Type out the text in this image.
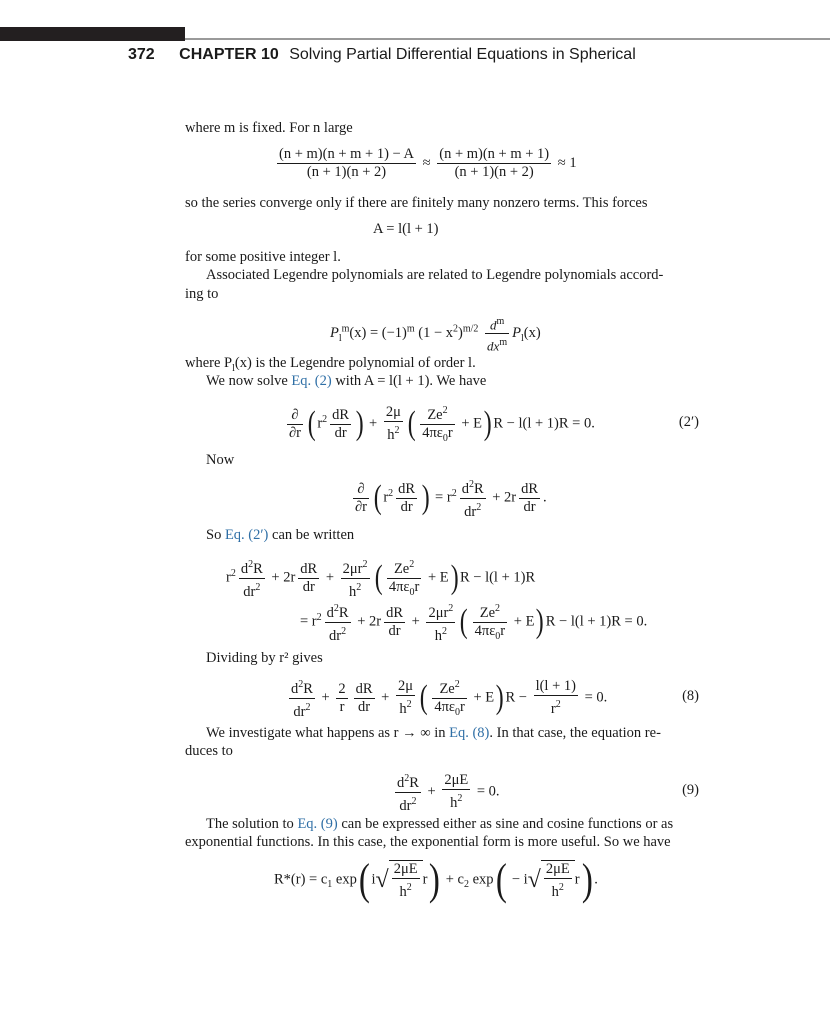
372 CHAPTER 10 Solving Partial Differential Equations in Spherical
where m is fixed. For n large
$\frac{(n + m)(n + m + 1) - A}{(n + 1)(n + 2)} \approx \frac{(n + m)(n + m + 1)}{(n + 1)(n + 2)} \approx 1$
so the series converge only if there are finitely many nonzero terms. This forces
A = l(l + 1)
for some positive integer l.
Associated Legendre polynomials are related to Legendre polynomials accord-
ing to
$P_l^m(x) = (-1)^m$ $(1 - x^2)^{m/2} \frac{d^m}{dx^m} P_l(x)$
where $P_l(x)$ is the Legendre polynomial of order l.
We now solve Eq. (2) with A = l(l + 1). We have
$\frac{\partial}{\partial r}$ ( $r^2 \frac{dR}{dr}$ ) + $\frac{2\mu}{h^2}$ ( $\frac{Ze^2}{4\pi\varepsilon_0r} + E$) R − l(l + 1)R = 0.	(2′)
Now
$\frac{\partial}{\partial r}$ ( $r^2 \frac{dR}{dr}$ ) = $r^2 \frac{d^2R}{dr^2} + 2r \frac{dR}{dr}$ .
So Eq. (2′) can be written
$r^2 \frac{d^2R}{dr^2} + 2r \frac{dR}{dr} + \frac{2\mu r^2}{h^2}$ ( $\frac{Ze^2}{4\pi\varepsilon_0r} + E$) R − l(l + 1)R
= $r^2 \frac{d^2R}{dr^2} + 2r \frac{dR}{dr} + \frac{2\mu r^2}{h^2}$ ( $\frac{Ze^2}{4\pi\varepsilon_0r} + E$) R − l(l + 1)R = 0.
Dividing by r² gives
$\frac{d^2R}{dr^2} + \frac{2}{r} \frac{dR}{dr} + \frac{2\mu}{h^2}$ ( $\frac{Ze^2}{4\pi\varepsilon_0r} + E$) $R - \frac{l(l + 1)}{r^2} = 0$.	(8)
We investigate what happens as r → ∞ in Eq. (8). In that case, the equation re-
duces to
$\frac{d^2R}{dr^2} + \frac{2\mu E}{h^2} = 0$.	(9)
The solution to Eq. (9) can be expressed either as sine and cosine functions or as
exponential functions. In this case, the exponential form is more useful. So we have
$R*(r) = c_1$ exp( $i√ \frac{2\mu E}{h^2} r) + c_2$ $\exp( - i√ \frac{2\mu E}{h^2} r)$ .
